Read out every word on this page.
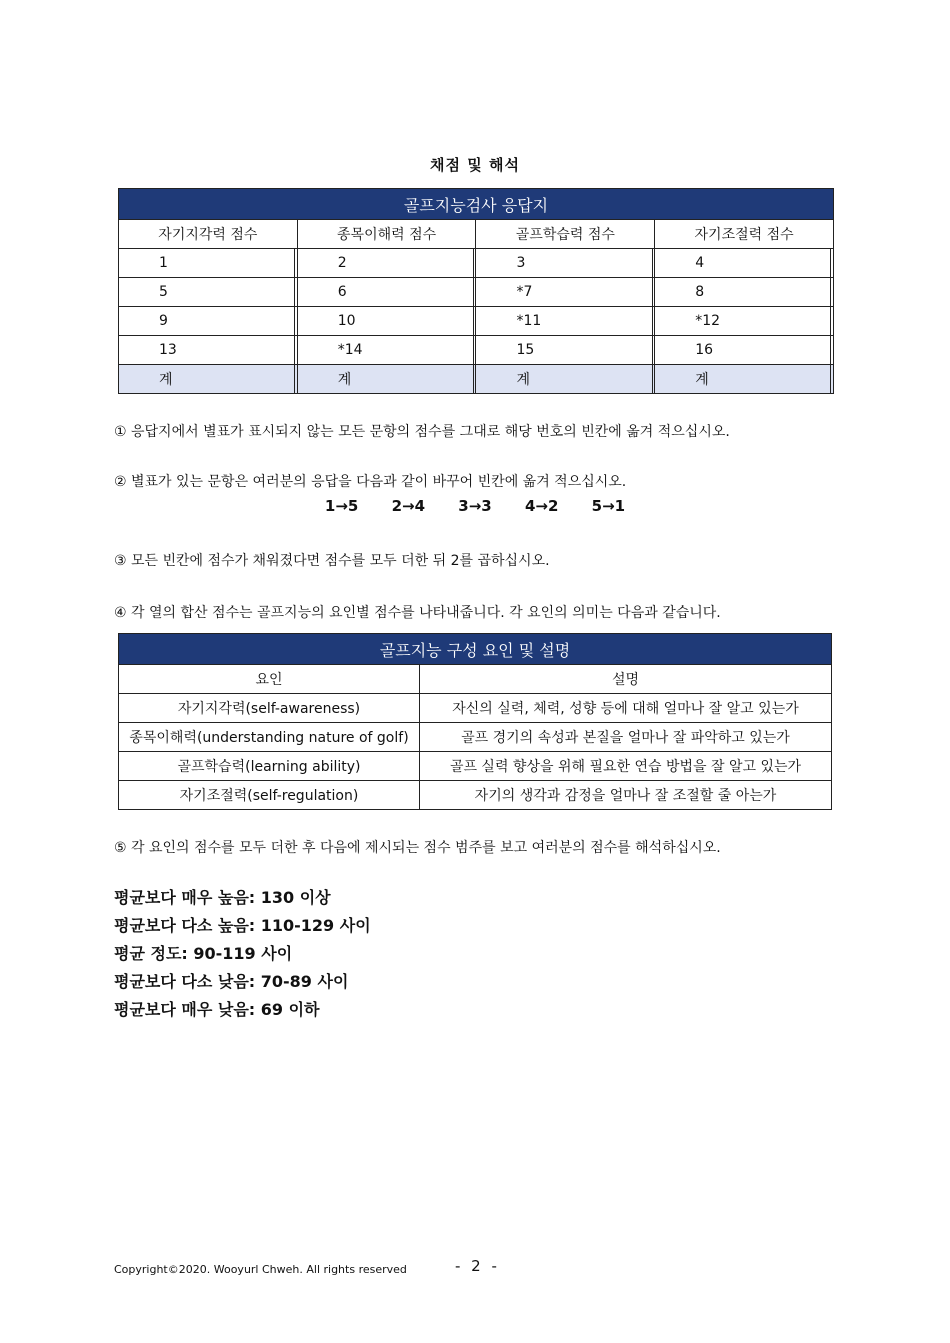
채점 및 해석
골프지능검사 응답지							
자기지각력 점수		종목이해력 점수		골프학습력 점수		자기조절력 점수	
1		2		3		4	
5		6		*7		8	
9		10		*11		*12	
13		*14		15		16	
계		계		계		계	
① 응답지에서 별표가 표시되지 않는 모든 문항의 점수를 그대로 해당 번호의 빈칸에 옮겨 적으십시오.
② 별표가 있는 문항은 여러분의 응답을 다음과 같이 바꾸어 빈칸에 옮겨 적으십시오.
1→5 2→4 3→3 4→2 5→1
③ 모든 빈칸에 점수가 채워졌다면 점수를 모두 더한 뒤 2를 곱하십시오.
④ 각 열의 합산 점수는 골프지능의 요인별 점수를 나타내줍니다. 각 요인의 의미는 다음과 같습니다.
골프지능 구성 요인 및 설명	
요인	설명
자기지각력(self-awareness)	자신의 실력, 체력, 성향 등에 대해 얼마나 잘 알고 있는가
종목이해력(understanding nature of golf)	골프 경기의 속성과 본질을 얼마나 잘 파악하고 있는가
골프학습력(learning ability)	골프 실력 향상을 위해 필요한 연습 방법을 잘 알고 있는가
자기조절력(self-regulation)	자기의 생각과 감정을 얼마나 잘 조절할 줄 아는가
⑤ 각 요인의 점수를 모두 더한 후 다음에 제시되는 점수 범주를 보고 여러분의 점수를 해석하십시오.
평균보다 매우 높음: 130 이상
평균보다 다소 높음: 110-129 사이
평균 정도: 90-119 사이
평균보다 다소 낮음: 70-89 사이
평균보다 매우 낮음: 69 이하
Copyright©2020. Wooyurl Chweh. All rights reserved	- 2 -
